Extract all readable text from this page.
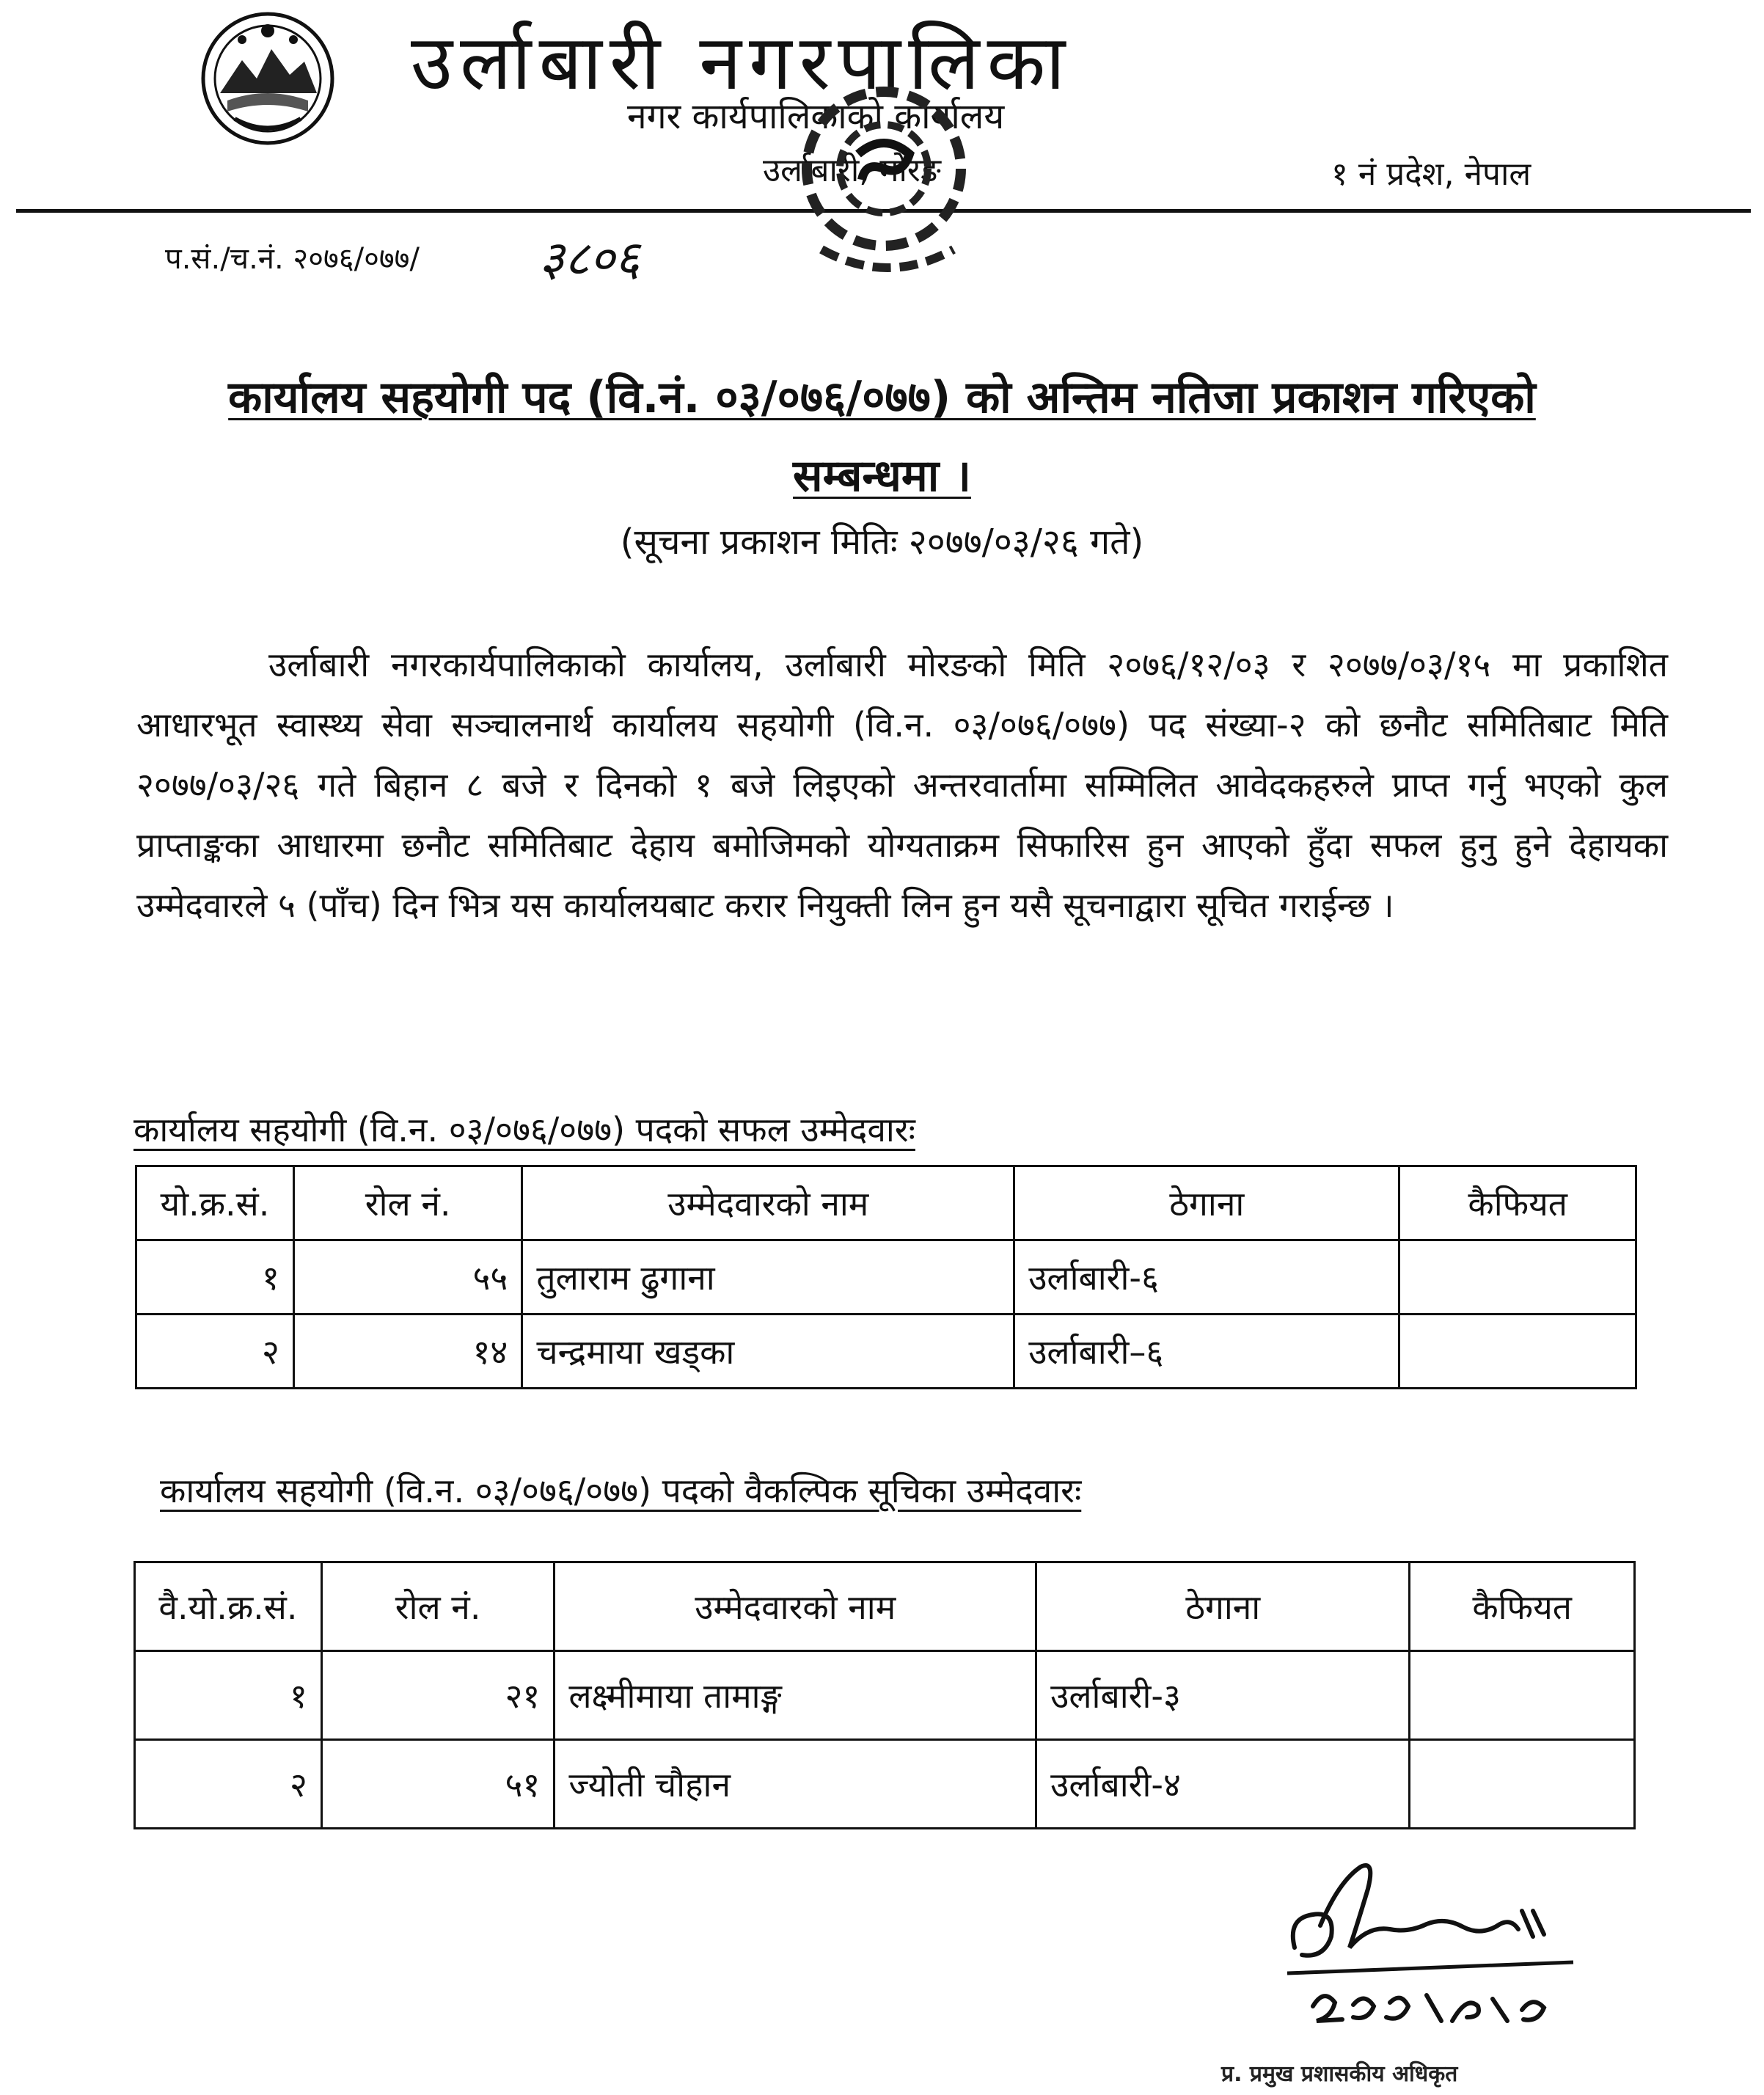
उर्लाबारी नगरपालिका
नगर कार्यपालिकाको कार्यालय
उर्लाबारी, मोरङ	१ नं प्रदेश, नेपाल
प.सं./च.नं. २०७६/०७७/ ३८०६
कार्यालय सहयोगी पद (वि.नं. ०३/०७६/०७७) को अन्तिम नतिजा प्रकाशन गरिएको
सम्बन्धमा ।
(सूचना प्रकाशन मितिः २०७७/०३/२६ गते)
उर्लाबारी नगरकार्यपालिकाको कार्यालय, उर्लाबारी मोरङको मिति २०७६/१२/०३ र २०७७/०३/१५ मा प्रकाशित आधारभूत स्वास्थ्य सेवा सञ्चालनार्थ कार्यालय सहयोगी (वि.न. ०३/०७६/०७७) पद संख्या-२ को छनौट समितिबाट मिति २०७७/०३/२६ गते बिहान ८ बजे र दिनको १ बजे लिइएको अन्तरवार्तामा सम्मिलित आवेदकहरुले प्राप्त गर्नु भएको कुल प्राप्ताङ्कका आधारमा छनौट समितिबाट देहाय बमोजिमको योग्यताक्रम सिफारिस हुन आएको हुँदा सफल हुनु हुने देहायका उम्मेदवारले ५ (पाँच) दिन भित्र यस कार्यालयबाट करार नियुक्ती लिन हुन यसै सूचनाद्वारा सूचित गराईन्छ ।
कार्यालय सहयोगी (वि.न. ०३/०७६/०७७) पदको सफल उम्मेदवारः
यो.क्र.सं.	रोल नं.	उम्मेदवारको नाम	ठेगाना	कैफियत
१	५५	तुलाराम ढुगाना	उर्लाबारी-६	
२	१४	चन्द्रमाया खड्का	उर्लाबारी–६	
कार्यालय सहयोगी (वि.न. ०३/०७६/०७७) पदको वैकल्पिक सूचिका उम्मेदवारः
वै.यो.क्र.सं.	रोल नं.	उम्मेदवारको नाम	ठेगाना	कैफियत
१	२१	लक्ष्मीमाया तामाङ्ग	उर्लाबारी-३	
२	५१	ज्योती चौहान	उर्लाबारी-४	
प्र. प्रमुख प्रशासकीय अधिकृत
